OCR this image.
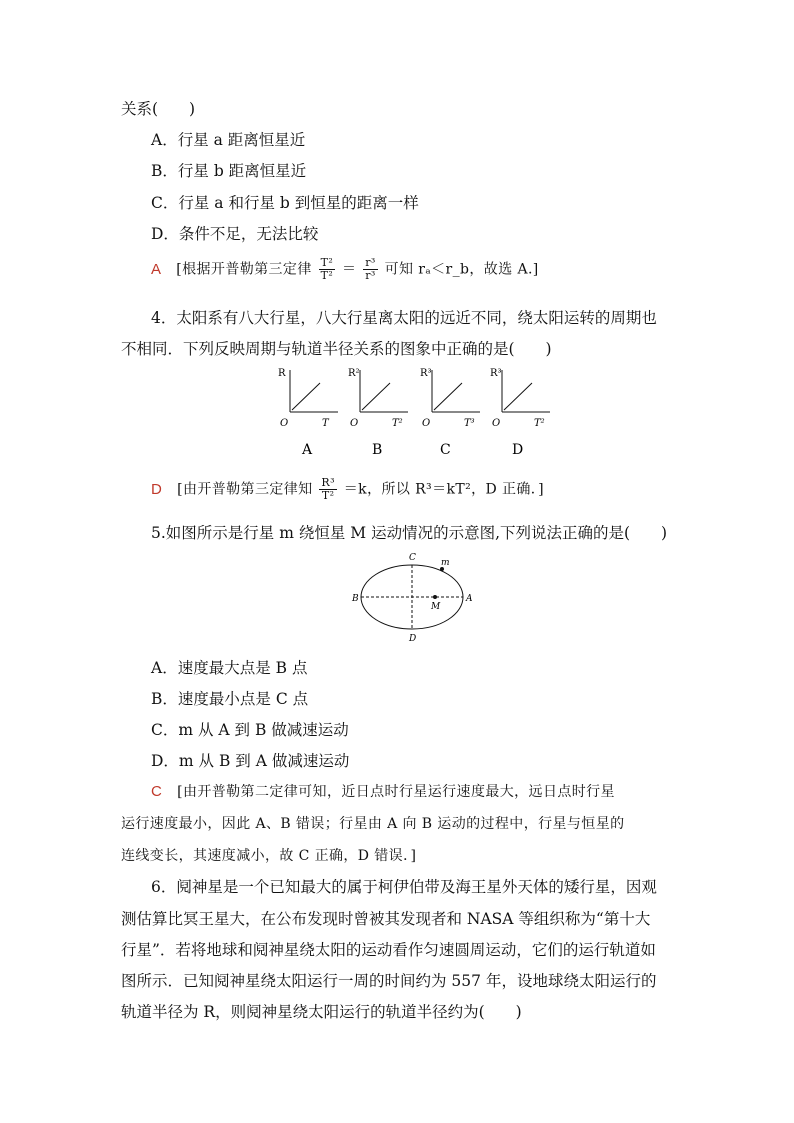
关系(　　)
A．行星 a 距离恒星近
B．行星 b 距离恒星近
C．行星 a 和行星 b 到恒星的距离一样
D．条件不足，无法比较
A [根据开普勒第三定律 $\frac{\text{T²}}{\text{T²}} = \frac{\text{r³}}{\text{r³}}$ 可知 rₐ＜r_b，故选 A.]
4．太阳系有八大行星，八大行星离太阳的远近不同，绕太阳运转的周期也
不相同．下列反映周期与轨道半径关系的图象中正确的是(　　)
R
O	T
A
R²
O	T²
B
R³
O	T³
C
R³
O	T²
D
D [由开普勒第三定律知 $\frac{\text{R³}}{\text{T²}} =k$，所以 R³＝kT²，D 正确．]
5.如图所示是行星 m 绕恒星 M 运动情况的示意图,下列说法正确的是(　　)
C	m
B	A
M
D
A．速度最大点是 B 点
B．速度最小点是 C 点
C．m 从 A 到 B 做减速运动
D．m 从 B 到 A 做减速运动
C [由开普勒第二定律可知，近日点时行星运行速度最大，远日点时行星
运行速度最小，因此 A、B 错误；行星由 A 向 B 运动的过程中，行星与恒星的
连线变长，其速度减小，故 C 正确，D 错误．]
6．阋神星是一个已知最大的属于柯伊伯带及海王星外天体的矮行星，因观
测估算比冥王星大，在公布发现时曾被其发现者和 NASA 等组织称为“第十大
行星”．若将地球和阋神星绕太阳的运动看作匀速圆周运动，它们的运行轨道如
图所示．已知阋神星绕太阳运行一周的时间约为 557 年，设地球绕太阳运行的
轨道半径为 R，则阋神星绕太阳运行的轨道半径约为(　　)
